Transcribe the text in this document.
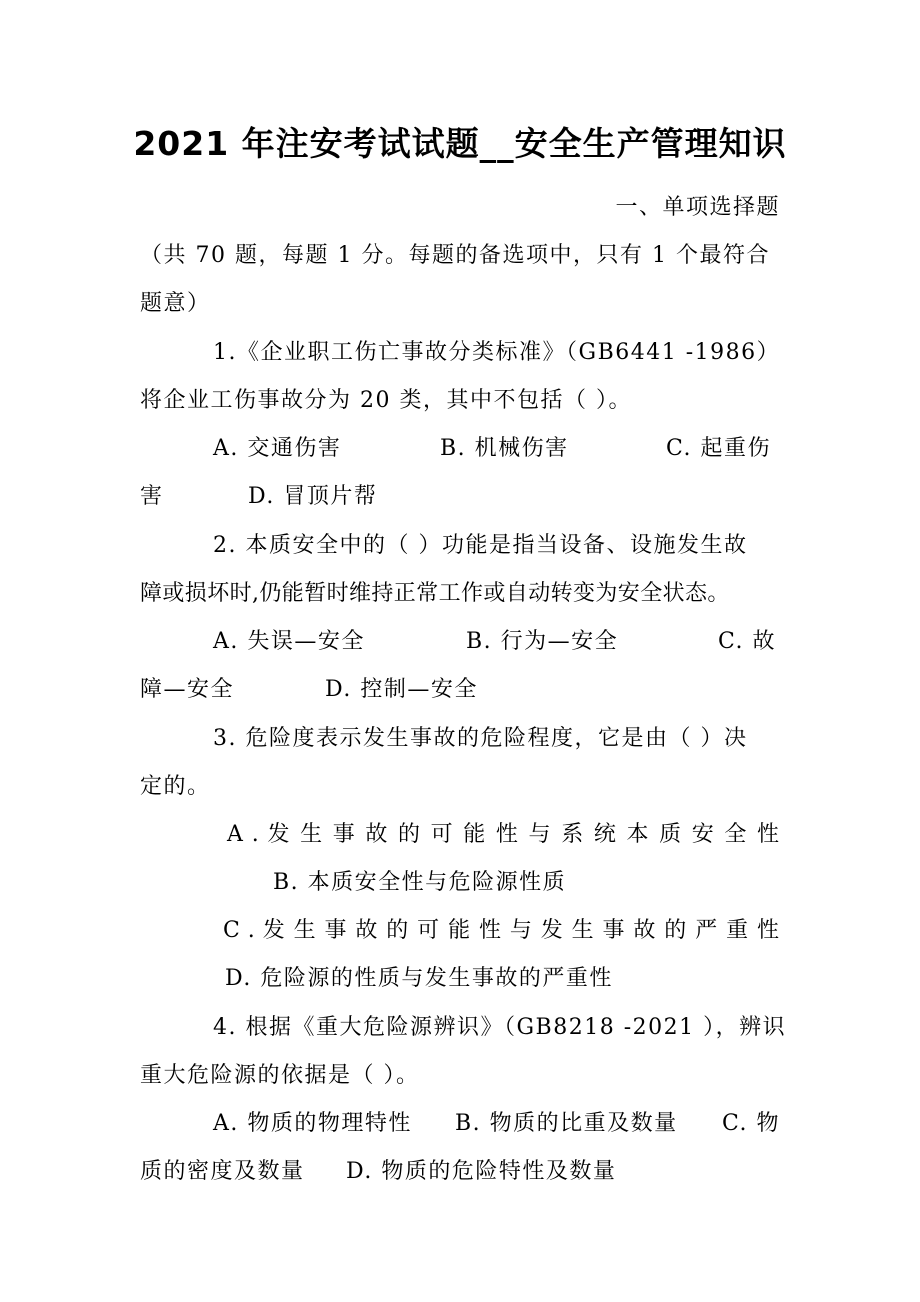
2021 年注安考试试题__安全生产管理知识
一、单项选择题
（共 70 题，每题 1 分。每题的备选项中，只有 1 个最符合
题意）
1.《企业职工伤亡事故分类标准》（GB6441 -1986）
将企业工伤事故分为 20 类，其中不包括（ ）。
A. 交通伤害	B. 机械伤害	C. 起重伤
害	D. 冒顶片帮
2. 本质安全中的（ ）功能是指当设备、设施发生故
障或损坏时,仍能暂时维持正常工作或自动转变为安全状态。
A. 失误—安全	B. 行为—安全	C. 故
障—安全	D. 控制—安全
3. 危险度表示发生事故的危险程度，它是由（ ）决
定的。
A . 发 生 事 故 的 可 能 性 与 系 统 本 质 安 全 性
B. 本质安全性与危险源性质
C . 发 生 事 故 的 可 能 性 与 发 生 事 故 的 严 重 性
D. 危险源的性质与发生事故的严重性
4. 根据《重大危险源辨识》（GB8218 -2021 ），辨识
重大危险源的依据是（ ）。
A. 物质的物理特性 B. 物质的比重及数量 C. 物
质的密度及数量 D. 物质的危险特性及数量
